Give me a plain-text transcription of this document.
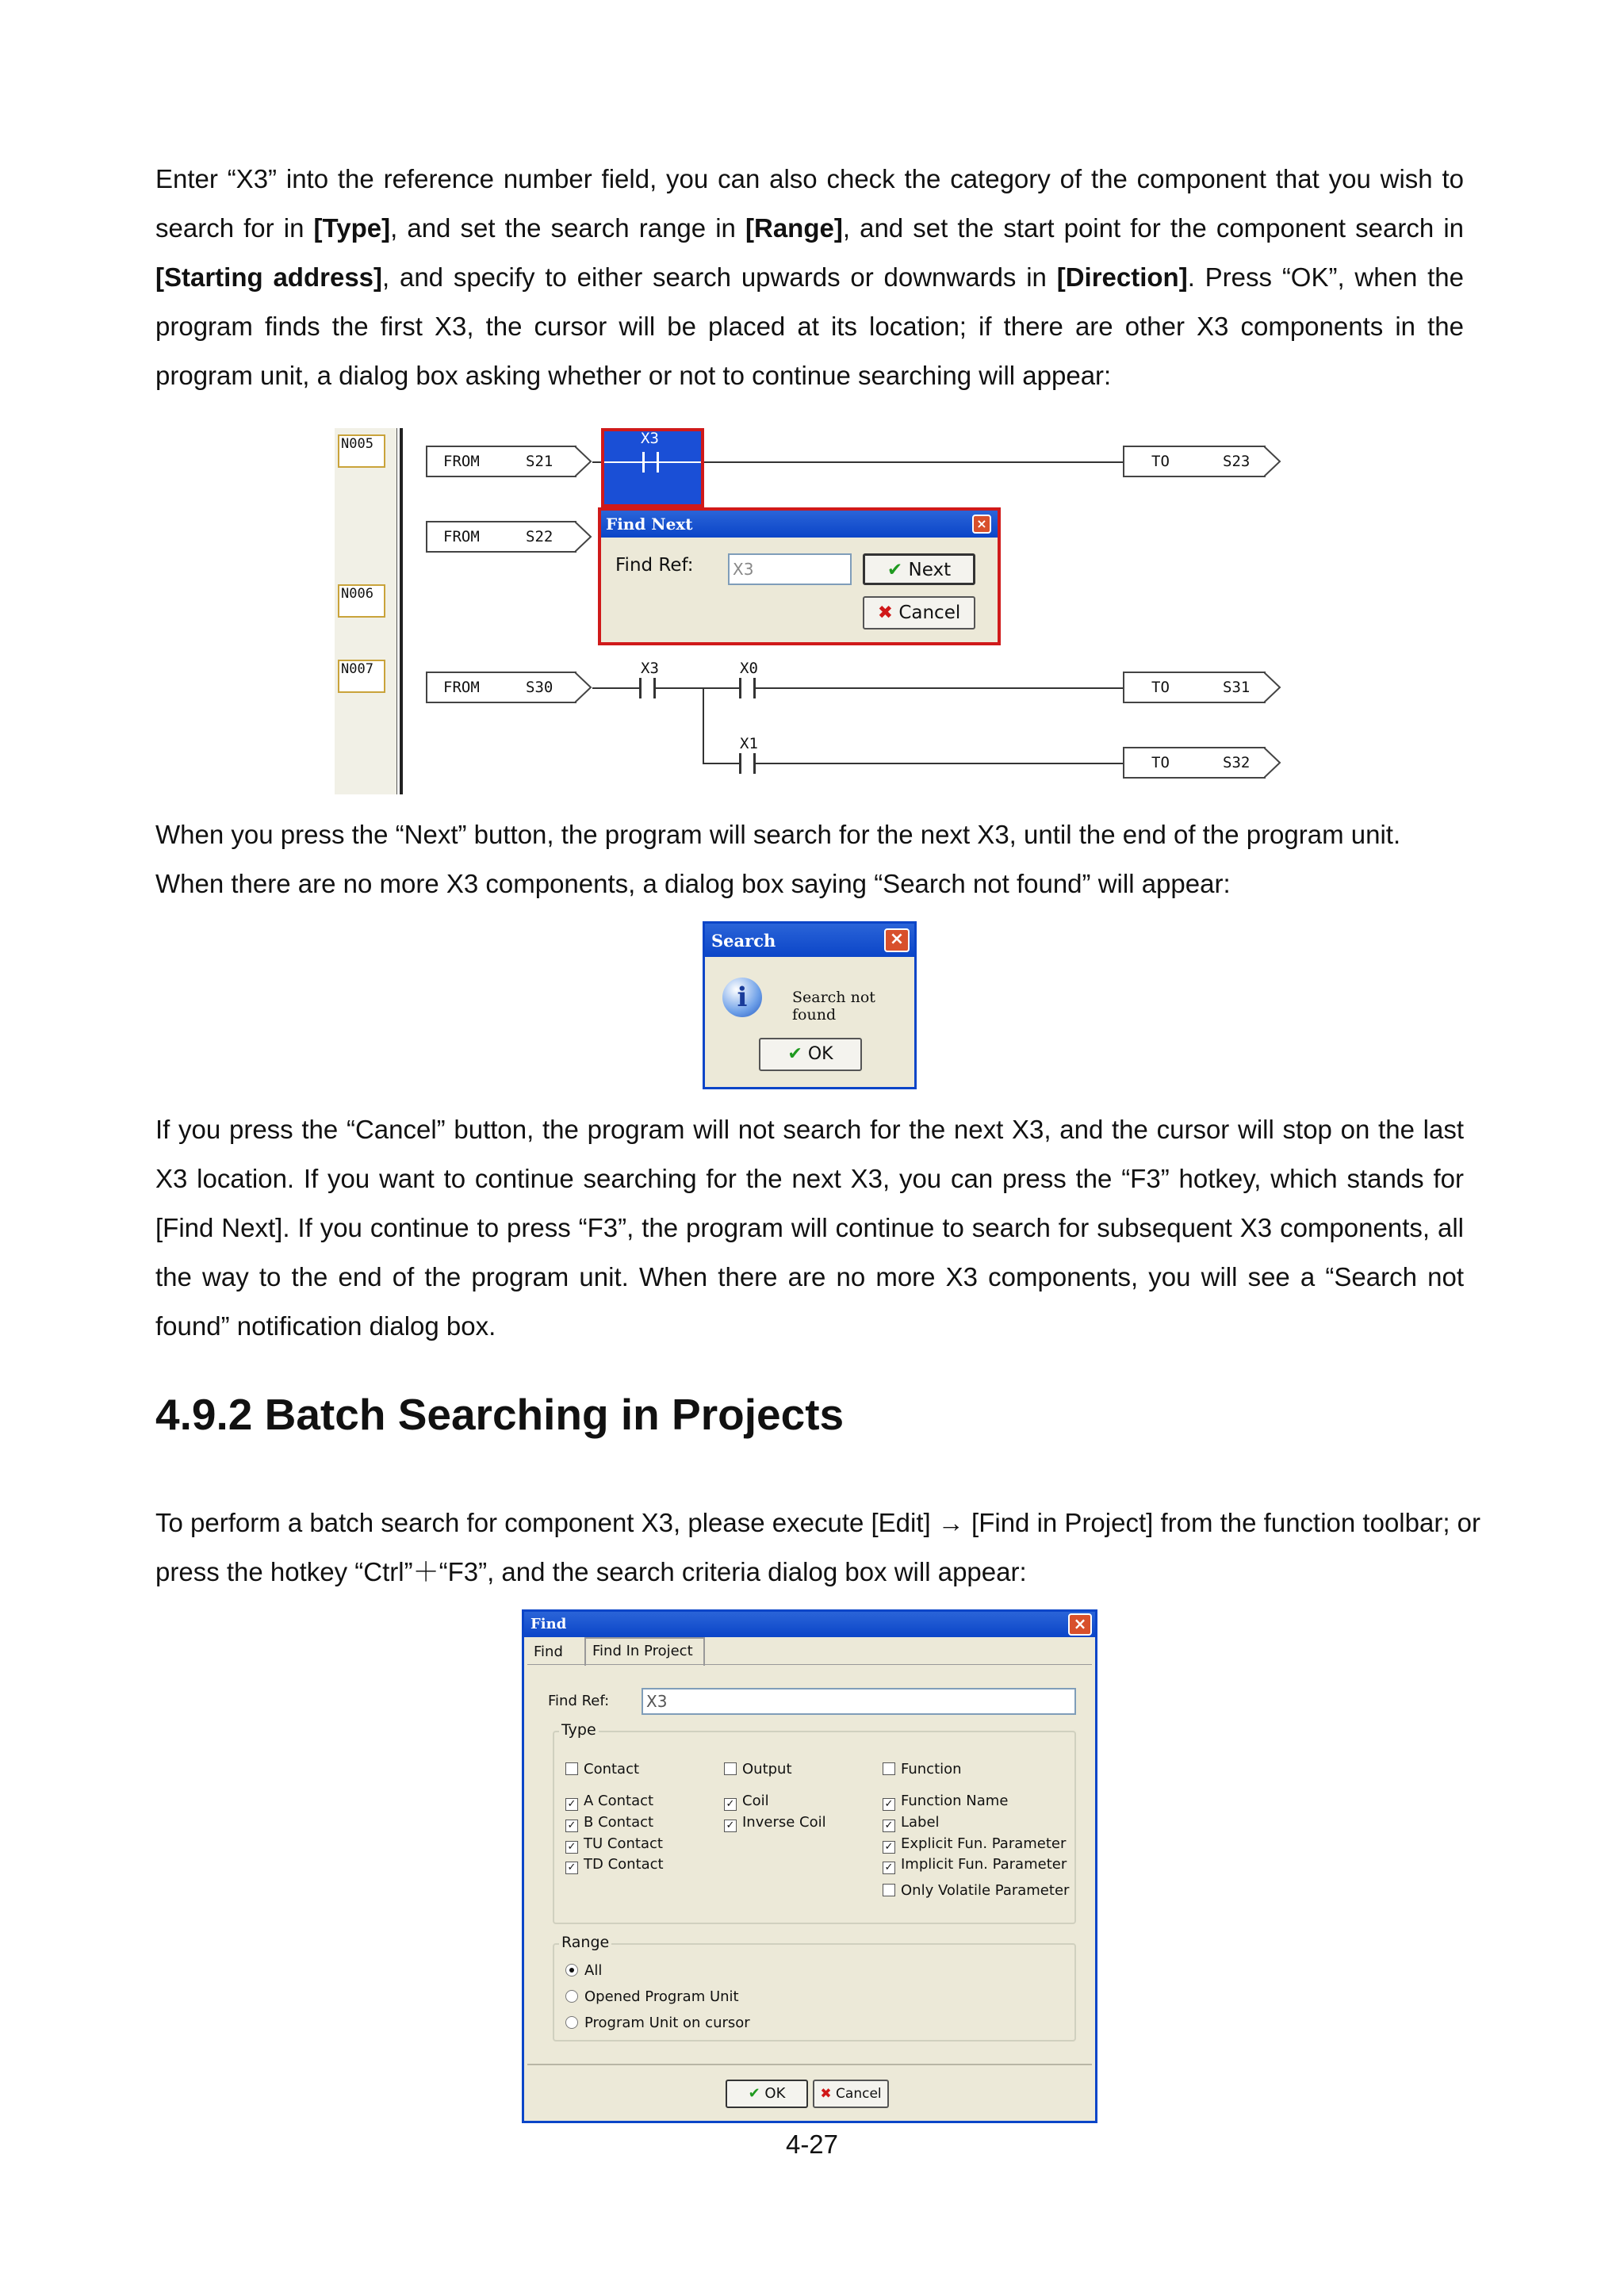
Enter “X3” into the reference number field, you can also check the category of the component that you wish to search for in [Type], and set the search range in [Range], and set the start point for the component search in [Starting address], and specify to either search upwards or downwards in [Direction]. Press “OK”, when the program finds the first X3, the cursor will be placed at its location; if there are other X3 components in the program unit, a dialog box asking whether or not to continue searching will appear:

N005
N006
N007
FROM	S21
X3
TO	S23
FROM	S22
FROM	S30
X3	X0
TO	S31
X1
TO	S32
Find Next	×
Find Ref:	X3	✔ Next
✖ Cancel

When you press the “Next” button, the program will search for the next X3, until the end of the program unit. When there are no more X3 components, a dialog box saying “Search not found” will appear:

Search	×
i	Search not found
✔ OK

If you press the “Cancel” button, the program will not search for the next X3, and the cursor will stop on the last X3 location. If you want to continue searching for the next X3, you can press the “F3” hotkey, which stands for [Find Next]. If you continue to press “F3”, the program will continue to search for subsequent X3 components, all the way to the end of the program unit. When there are no more X3 components, you will see a “Search not found” notification dialog box.

4.9.2 Batch Searching in Projects

To perform a batch search for component X3, please execute [Edit] → [Find in Project] from the function toolbar; or press the hotkey “Ctrl”＋“F3”, and the search criteria dialog box will appear:

Find	×
Find	Find In Project
Find Ref:	X3
Type
Contact
✓ A Contact
✓ B Contact
✓ TU Contact
✓ TD Contact
Output
✓ Coil
✓ Inverse Coil
Function
✓ Function Name
✓ Label
✓ Explicit Fun. Parameter
✓ Implicit Fun. Parameter
Only Volatile Parameter
Range
All
Opened Program Unit
Program Unit on cursor
✔ OK	✖ Cancel
4-27
